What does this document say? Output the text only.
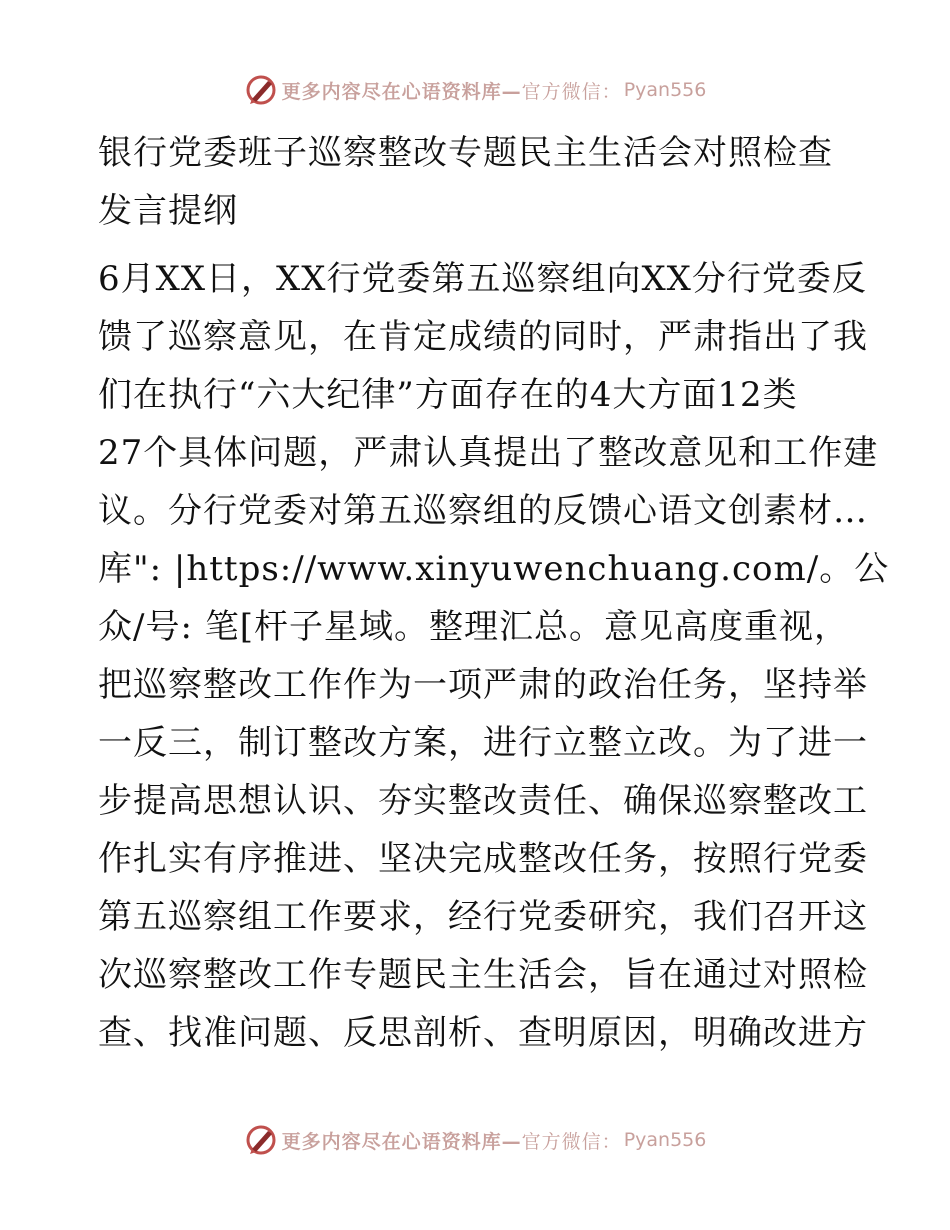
更多内容尽在心语资料库— 官方微信： Pyan556
银行党委班子巡察整改专题民主生活会对照检查
发言提纲
6月XX日，XX行党委第五巡察组向XX分行党委反
馈了巡察意见，在肯定成绩的同时，严肃指出了我
们在执行“六大纪律”方面存在的4大方面12类
27个具体问题，严肃认真提出了整改意见和工作建
议。分行党委对第五巡察组的反馈心语文创素材…
库": |https://www.xinyuwenchuang.com/。公
众/号: 笔[杆子星域。整理汇总。意见高度重视，
把巡察整改工作作为一项严肃的政治任务，坚持举
一反三，制订整改方案，进行立整立改。为了进一
步提高思想认识、夯实整改责任、确保巡察整改工
作扎实有序推进、坚决完成整改任务，按照行党委
第五巡察组工作要求，经行党委研究，我们召开这
次巡察整改工作专题民主生活会，旨在通过对照检
查、找准问题、反思剖析、查明原因，明确改进方
更多内容尽在心语资料库— 官方微信： Pyan556
